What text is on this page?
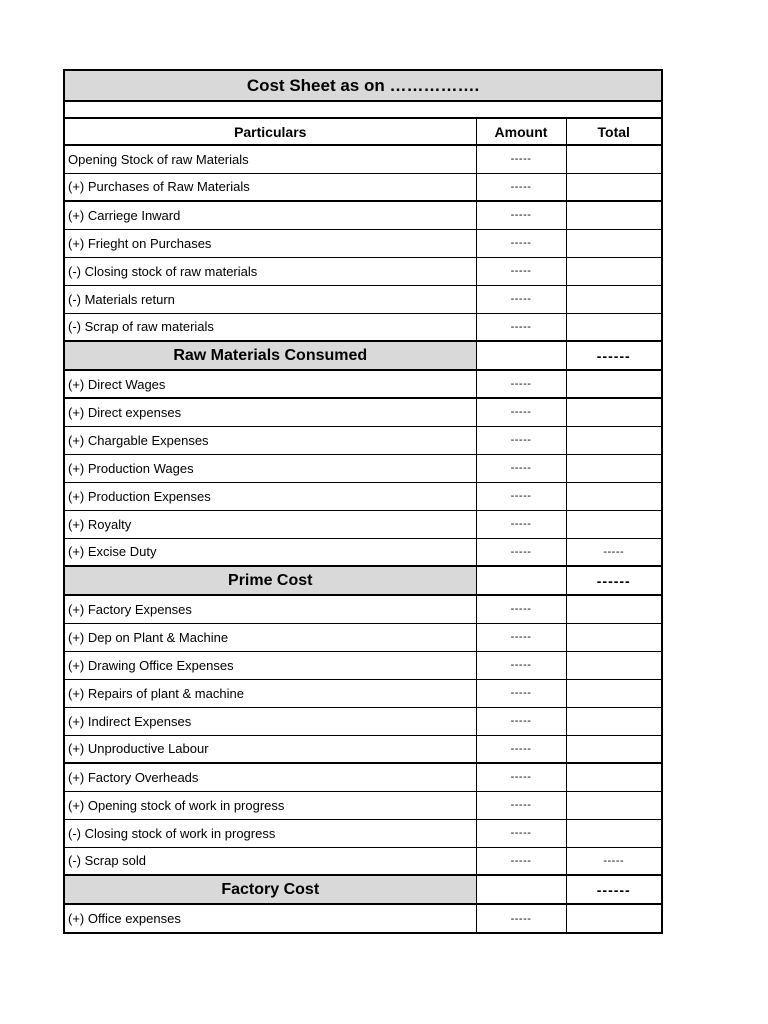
Cost Sheet as on …………….
Particulars	Amount	Total
Opening Stock of raw Materials	-----	
(+) Purchases of Raw Materials	-----	
(+) Carriege Inward	-----	
(+) Frieght on Purchases	-----	
(-) Closing stock of raw materials	-----	
(-) Materials return	-----	
(-) Scrap of raw materials	-----	
Raw Materials Consumed		------
(+) Direct Wages	-----	
(+) Direct expenses	-----	
(+) Chargable Expenses	-----	
(+) Production Wages	-----	
(+) Production Expenses	-----	
(+) Royalty	-----	
(+) Excise Duty	-----	-----
Prime Cost		------
(+) Factory Expenses	-----	
(+) Dep on Plant & Machine	-----	
(+) Drawing Office Expenses	-----	
(+) Repairs of plant & machine	-----	
(+) Indirect Expenses	-----	
(+) Unproductive Labour	-----	
(+) Factory Overheads	-----	
(+) Opening stock of work in progress	-----	
(-) Closing stock of work in progress	-----	
(-) Scrap sold	-----	-----
Factory Cost		------
(+) Office expenses	-----	
